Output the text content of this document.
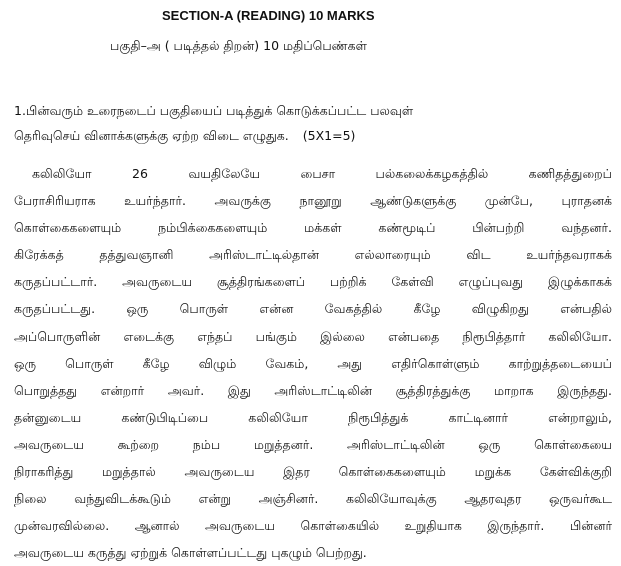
SECTION-A (READING) 10 MARKS
பகுதி–அ ( படித்தல் திறன்) 10 மதிப்பெண்கள்
1.பின்வரும் உரைநடைப் பகுதியைப் படித்துக் கொடுக்கப்பட்ட பலவுள்
தெரிவுசெய் வினாக்களுக்கு ஏற்ற விடை எழுதுக. (5X1=5)
கலிலியோ 26 வயதிலேயே பைசா பல்கலைக்கழகத்தில் கணிதத்துறைப்
பேராசிரியராக உயர்ந்தார். அவருக்கு நானூறு ஆண்டுகளுக்கு முன்பே, புராதனக்
கொள்கைகளையும் நம்பிக்கைகளையும் மக்கள் கண்மூடிப் பின்பற்றி வந்தனர்.
கிரேக்கத் தத்துவஞானி அரிஸ்டாட்டில்தான் எல்லாரையும் விட உயர்ந்தவராகக்
கருதப்பட்டார். அவருடைய சூத்திரங்களைப் பற்றிக் கேள்வி எழுப்புவது இழுக்காகக்
கருதப்பட்டது. ஒரு பொருள் என்ன வேகத்தில் கீழே விழுகிறது என்பதில்
அப்பொருளின் எடைக்கு எந்தப் பங்கும் இல்லை என்பதை நிரூபித்தார் கலிலியோ.
ஒரு பொருள் கீழே விழும் வேகம், அது எதிர்கொள்ளும் காற்றுத்தடையைப்
பொறுத்தது என்றார் அவர். இது அரிஸ்டாட்டிலின் சூத்திரத்துக்கு மாறாக இருந்தது.
தன்னுடைய கண்டுபிடிப்பை கலிலியோ நிரூபித்துக் காட்டினார் என்றாலும்,
அவருடைய கூற்றை நம்ப மறுத்தனர். அரிஸ்டாட்டிலின் ஒரு கொள்கையை
நிராகரித்து மறுத்தால் அவருடைய இதர கொள்கைகளையும் மறுக்க கேள்விக்குறி
நிலை வந்துவிடக்கூடும் என்று அஞ்சினர். கலிலியோவுக்கு ஆதரவுதர ஒருவர்கூட
முன்வரவில்லை. ஆனால் அவருடைய கொள்கையில் உறுதியாக இருந்தார். பின்னர்
அவருடைய கருத்து ஏற்றுக் கொள்ளப்பட்டது புகழும் பெற்றது.
